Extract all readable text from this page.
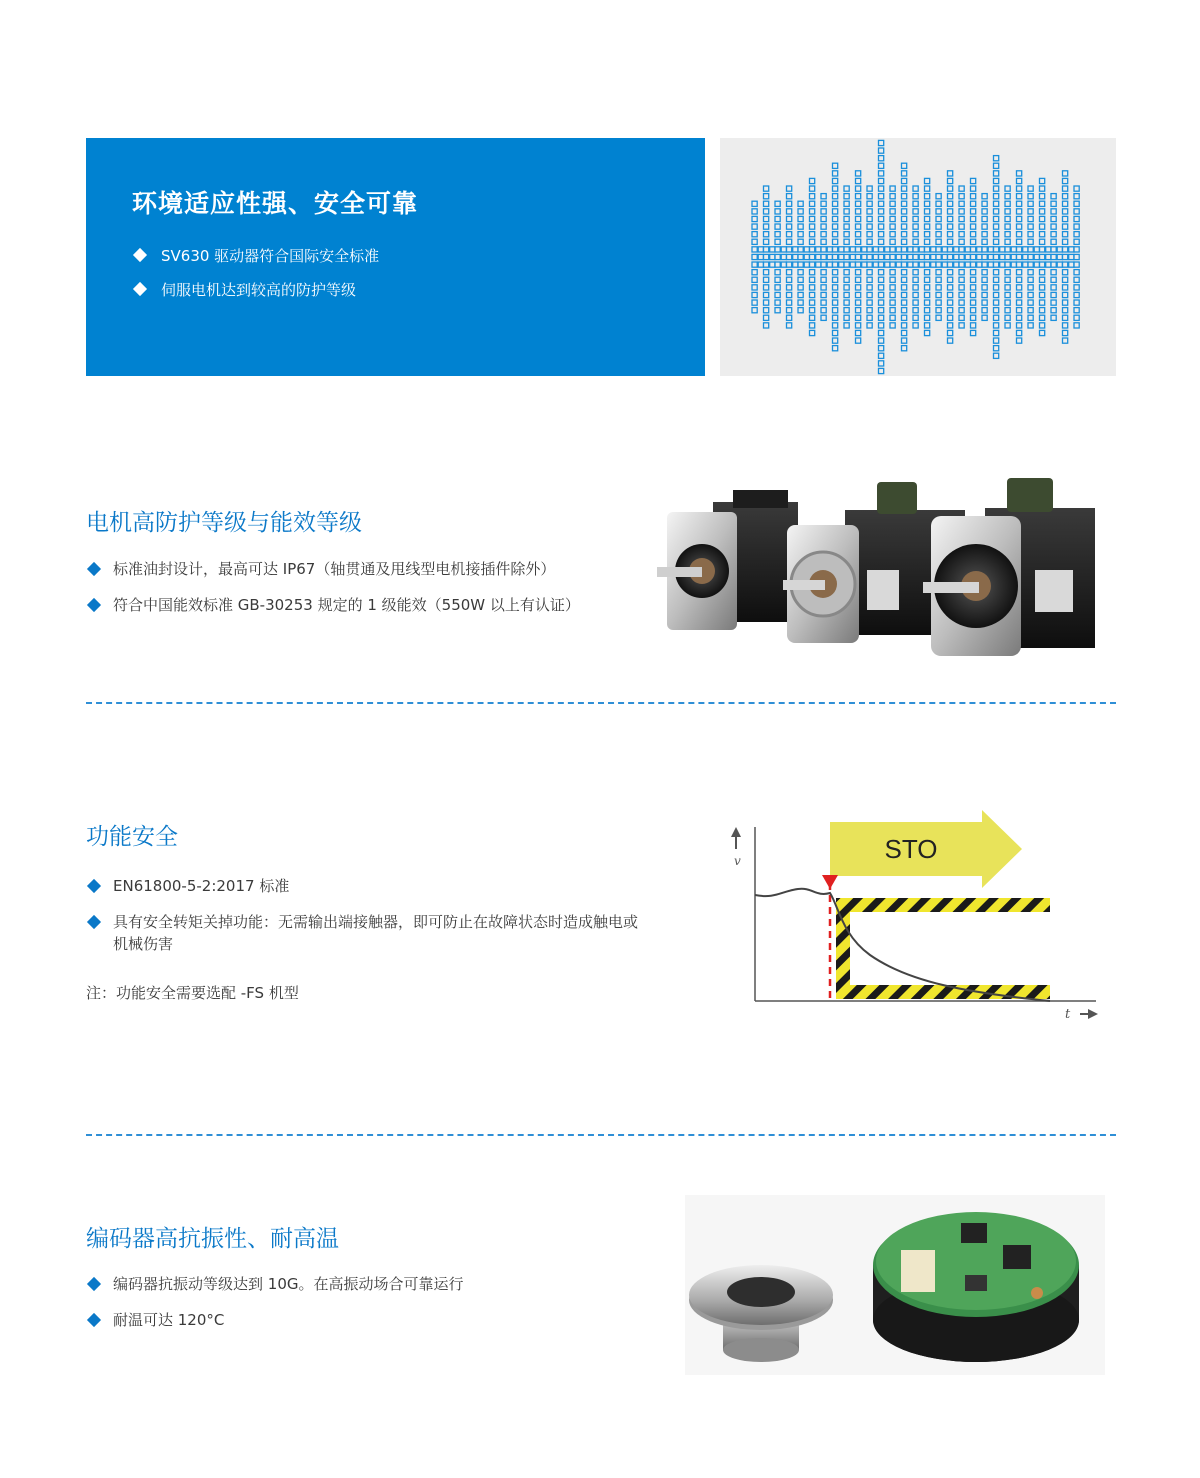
环境适应性强、安全可靠
SV630 驱动器符合国际安全标准
伺服电机达到较高的防护等级
电机高防护等级与能效等级
标准油封设计，最高可达 IP67（轴贯通及甩线型电机接插件除外）
符合中国能效标准 GB-30253 规定的 1 级能效（550W 以上有认证）
功能安全
EN61800-5-2:2017 标准
具有安全转矩关掉功能：无需输出端接触器，即可防止在故障状态时造成触电或
机械伤害
注：功能安全需要选配 -FS 机型
STO
v
t
编码器高抗振性、耐高温
编码器抗振动等级达到 10G。在高振动场合可靠运行
耐温可达 120°C
